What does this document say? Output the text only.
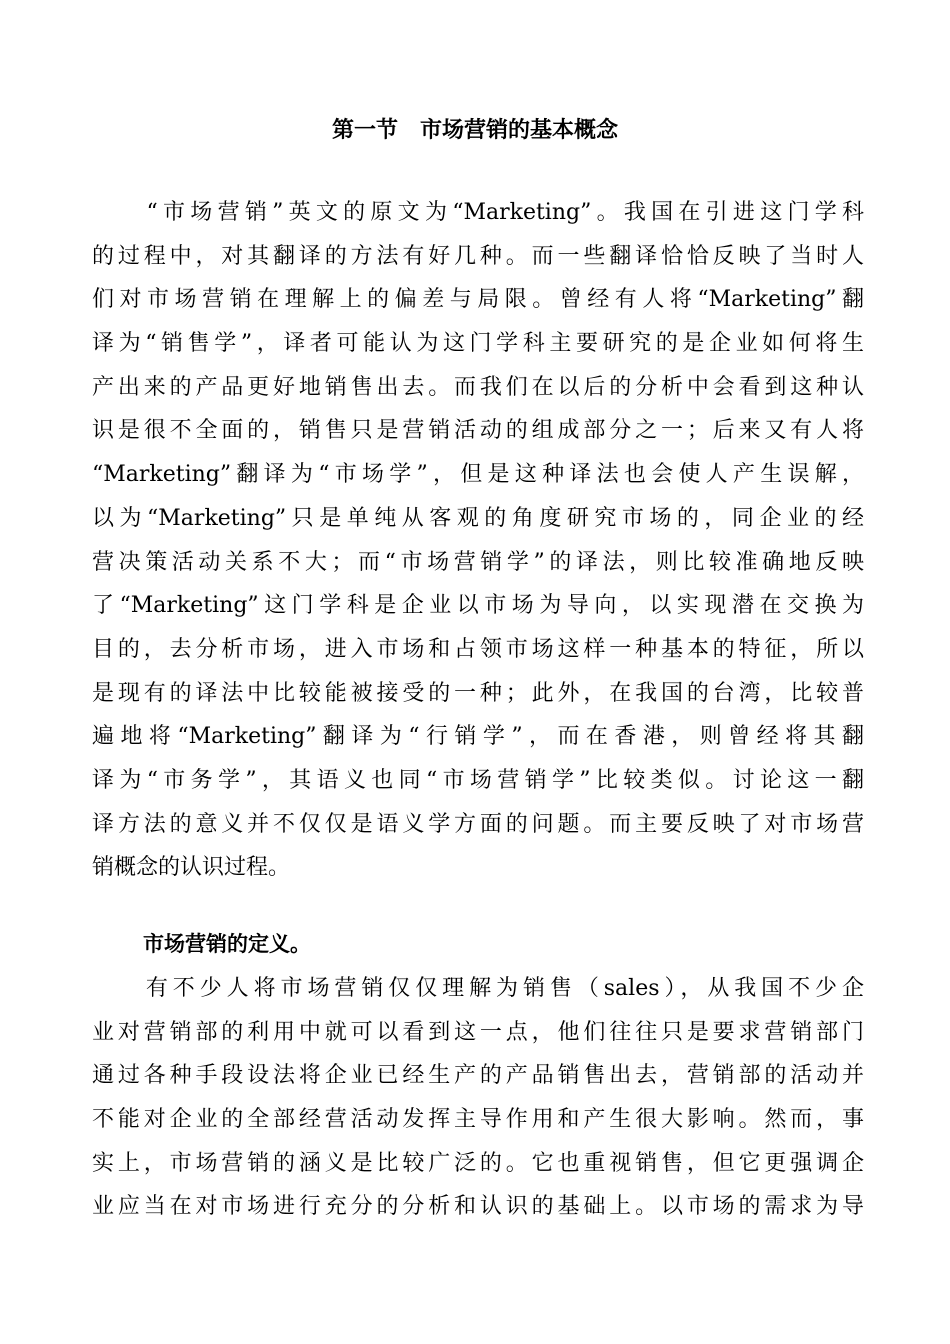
第一节　市场营销的基本概念
　　“市场营销”英文的原文为“Marketing”。我国在引进这门学科
的过程中，对其翻译的方法有好几种。而一些翻译恰恰反映了当时人
们对市场营销在理解上的偏差与局限。曾经有人将“Marketing”翻
译为“销售学”，译者可能认为这门学科主要研究的是企业如何将生
产出来的产品更好地销售出去。而我们在以后的分析中会看到这种认
识是很不全面的，销售只是营销活动的组成部分之一；后来又有人将
“Marketing”翻译为“市场学”，但是这种译法也会使人产生误解，
以为“Marketing”只是单纯从客观的角度研究市场的，同企业的经
营决策活动关系不大；而“市场营销学”的译法，则比较准确地反映
了“Marketing”这门学科是企业以市场为导向，以实现潜在交换为
目的，去分析市场，进入市场和占领市场这样一种基本的特征，所以
是现有的译法中比较能被接受的一种；此外，在我国的台湾，比较普
遍地将“Marketing”翻译为“行销学”，而在香港，则曾经将其翻
译为“市务学”，其语义也同“市场营销学”比较类似。讨论这一翻
译方法的意义并不仅仅是语义学方面的问题。而主要反映了对市场营
销概念的认识过程。
市场营销的定义。
　　有不少人将市场营销仅仅理解为销售（sales），从我国不少企
业对营销部的利用中就可以看到这一点，他们往往只是要求营销部门
通过各种手段设法将企业已经生产的产品销售出去，营销部的活动并
不能对企业的全部经营活动发挥主导作用和产生很大影响。然而，事
实上，市场营销的涵义是比较广泛的。它也重视销售，但它更强调企
业应当在对市场进行充分的分析和认识的基础上。以市场的需求为导
